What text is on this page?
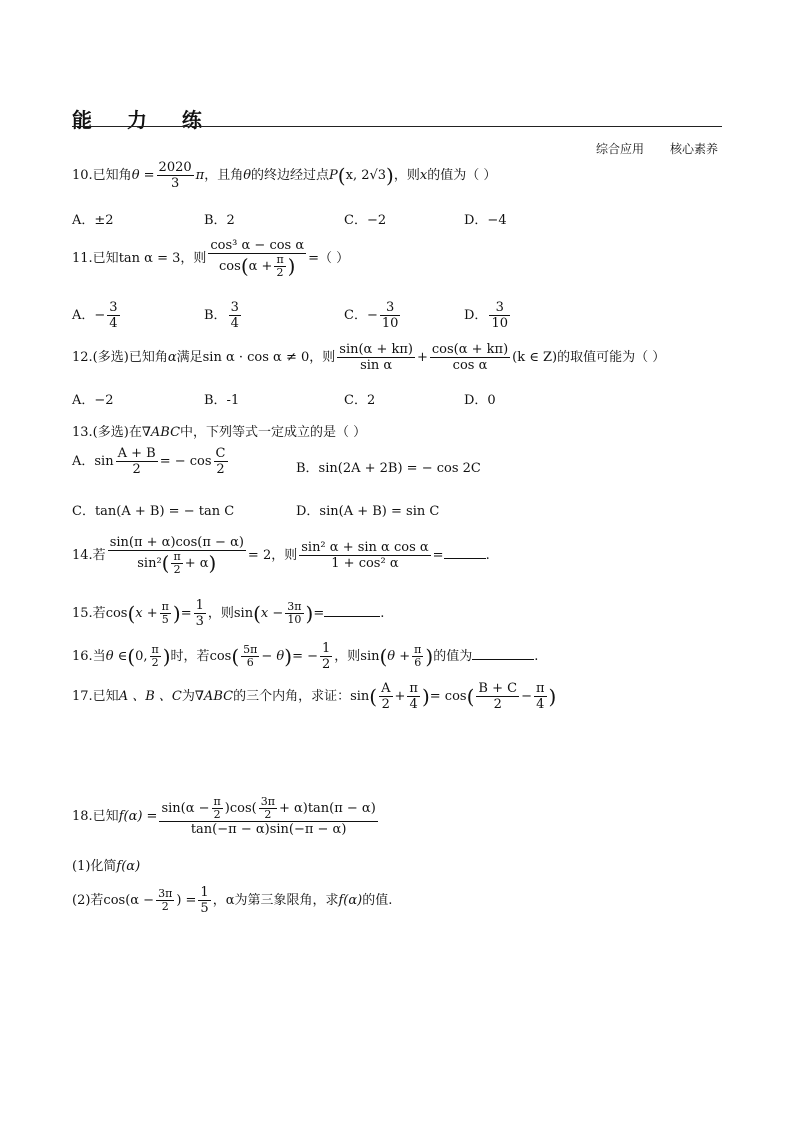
能 力 练
综合应用 核心素养
10.已知角$\theta = \frac{2020}{3}$ π，且角θ的终边经过点P(x, 2√3)，则x的值为（ ）
A．±2	B．2	C．−2	D．−4
11.已知tan α = 3，则 $\frac{\text{cos³ α − cos α}}{\cos(\alpha + \frac{\pi}{2} )}$ =（ ）
A．− $\frac{3}{4}$	B． $\frac{3}{4}$	C．− $\frac{3}{10}$	D． $\frac{3}{10}$
12.(多选)已知角α满足sin α · cos α ≠ 0，则 $\frac{\sin(\alpha + k\pi)}{\text{sin α}} + \frac{\cos(\alpha + k\pi)}{\text{cos α}} (k$ ∈ Z)的取值可能为（ ）
A．−2	B．-1	C．2	D．0
13.(多选)在∇ABC中，下列等式一定成立的是（ ）
A．$\sin \frac{A + B}{2}$ = − $\cos \frac{C}{2}$	B．sin(2A + 2B) = − cos 2C
C．tan(A + B) = − tan C	D．sin(A + B) = sin C
14.若 $\frac{\sin(\pi + \alpha)\cos(\pi - \alpha)}{\sin^2( \frac{\pi}{2} + \alpha)} = 2$，则 $\frac{\text{sin² α + sin α cos α}}{\text{1 + cos² α}}$ =	.
15.若$\cos(x + \frac{\pi}{5}$ )= $\frac{1}{3}$ ，则$\sin(x - \frac{3\pi}{10}$ )=	.
16.当θ ∈(0, $\frac{\pi}{2}$ )时，若$\cos( \frac{5\pi}{6} - \theta)= - \frac{1}{2}$ ，则$\sin(\theta + \frac{\pi}{6}$ )的值为	.
17.已知A 、B 、C为∇ABC的三个内角，求证：$\sin( \frac{A}{2} + \frac{\pi}{4}$ )= $\cos( \frac{B + C}{2} - \frac{\pi}{4}$ )
18.已知$f(\alpha) = \frac{\sin(\alpha - \frac{\pi}{2} )\cos( \frac{3\pi}{2} + \alpha)\tan(\pi - \alpha)}{\tan(-\pi - \alpha)\sin(-\pi - \alpha)}$
(1)化简f(α)
(2)若$\cos(\alpha - \frac{3\pi}{2}$ ) = $\frac{1}{5}$ ，α为第三象限角，求f(α)的值.
